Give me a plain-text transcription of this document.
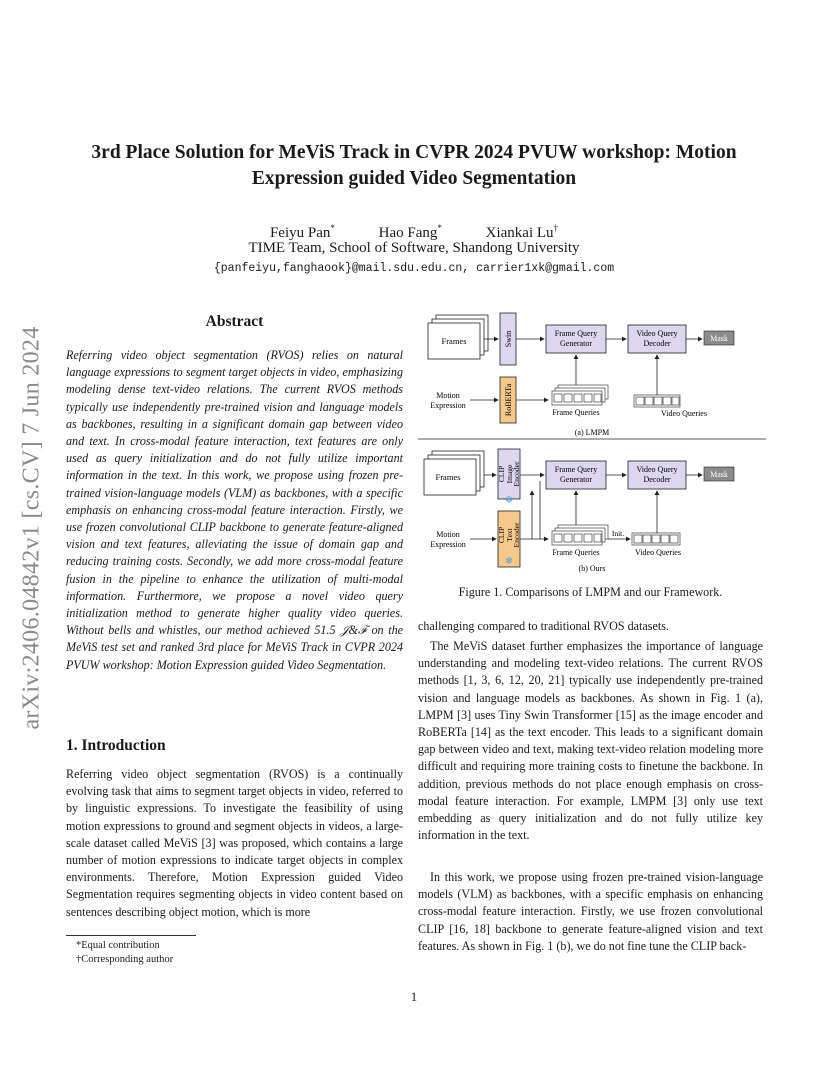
3rd Place Solution for MeViS Track in CVPR 2024 PVUW workshop: Motion
Expression guided Video Segmentation
Feiyu Pan*	Hao Fang*	Xiankai Lu†
TIME Team, School of Software, Shandong University
{panfeiyu,fanghaook}@mail.sdu.edu.cn, carrier1xk@gmail.com
arXiv:2406.04842v1 [cs.CV] 7 Jun 2024
Abstract
Referring video object segmentation (RVOS) relies on natural language expressions to segment target objects in video, emphasizing modeling dense text-video relations. The current RVOS methods typically use independently pre-trained vision and language models as backbones, resulting in a significant domain gap between video and text. In cross-modal feature interaction, text features are only used as query initialization and do not fully utilize important information in the text. In this work, we propose using frozen pre-trained vision-language models (VLM) as backbones, with a specific emphasis on enhancing cross-modal feature interaction. Firstly, we use frozen convolutional CLIP backbone to generate feature-aligned vision and text features, alleviating the issue of domain gap and reducing training costs. Secondly, we add more cross-modal feature fusion in the pipeline to enhance the utilization of multi-modal information. Furthermore, we propose a novel video query initialization method to generate higher quality video queries. Without bells and whistles, our method achieved 51.5 𝒥&ℱ on the MeViS test set and ranked 3rd place for MeViS Track in CVPR 2024 PVUW workshop: Motion Expression guided Video Segmentation.
1. Introduction
Referring video object segmentation (RVOS) is a continually evolving task that aims to segment target objects in video, referred to by linguistic expressions. To investigate the feasibility of using motion expressions to ground and segment objects in videos, a large-scale dataset called MeViS [3] was proposed, which contains a large number of motion expressions to indicate target objects in complex environments. Therefore, Motion Expression guided Video Segmentation requires segmenting objects in video content based on sentences describing object motion, which is more
*Equal contribution
†Corresponding author
Frames	Swin	Frame Query
Generator
Video Query
Decoder
Mask
Motion
Expression	RoBERTa	Frame Queries	Video Queries
(a) LMPM
Frames	CLIP Image
Encoder	Frame Query
Generator
Video Query
Decoder
Mask
Motion
Expression
CLIP Text
Encoder
❄
❄
Frame Queries
Init.
Video Queries
(b) Ours
Figure 1. Comparisons of LMPM and our Framework.
challenging compared to traditional RVOS datasets.
The MeViS dataset further emphasizes the importance of language understanding and modeling text-video relations. The current RVOS methods [1, 3, 6, 12, 20, 21] typically use independently pre-trained vision and language models as backbones. As shown in Fig. 1 (a), LMPM [3] uses Tiny Swin Transformer [15] as the image encoder and RoBERTa [14] as the text encoder. This leads to a significant domain gap between video and text, making text-video relation modeling more difficult and requiring more training costs to finetune the backbone. In addition, previous methods do not place enough emphasis on cross-modal feature interaction. For example, LMPM [3] only use text embedding as query initialization and do not fully utilize key information in the text.
In this work, we propose using frozen pre-trained vision-language models (VLM) as backbones, with a specific emphasis on enhancing cross-modal feature interaction. Firstly, we use frozen convolutional CLIP [16, 18] backbone to generate feature-aligned vision and text features. As shown in Fig. 1 (b), we do not fine tune the CLIP back-
1
